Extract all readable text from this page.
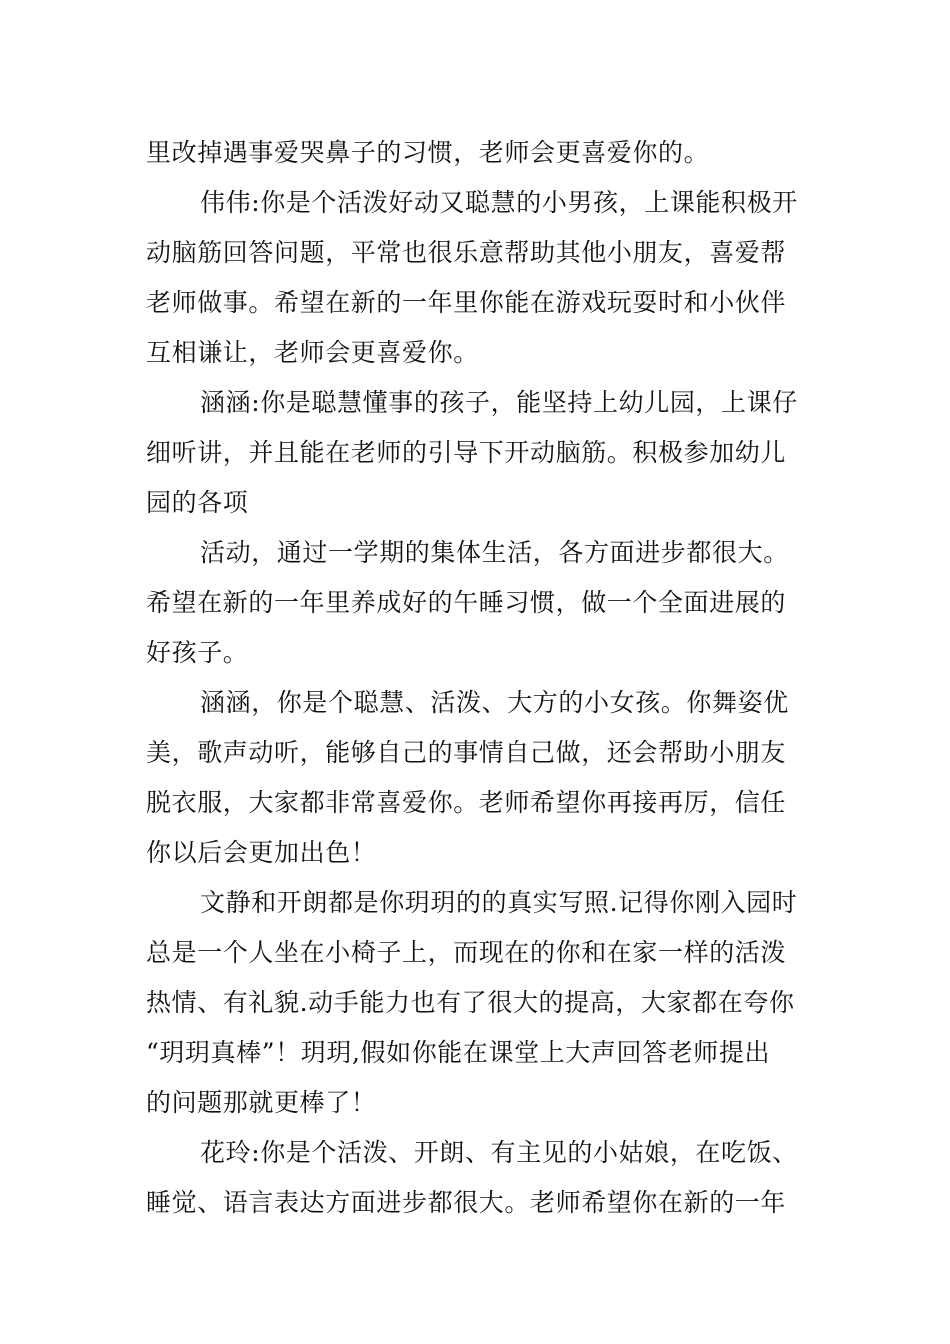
里改掉遇事爱哭鼻子的习惯，老师会更喜爱你的。
伟伟:你是个活泼好动又聪慧的小男孩，上课能积极开
动脑筋回答问题，平常也很乐意帮助其他小朋友，喜爱帮
老师做事。希望在新的一年里你能在游戏玩耍时和小伙伴
互相谦让，老师会更喜爱你。
涵涵:你是聪慧懂事的孩子，能坚持上幼儿园，上课仔
细听讲，并且能在老师的引导下开动脑筋。积极参加幼儿
园的各项
活动，通过一学期的集体生活，各方面进步都很大。
希望在新的一年里养成好的午睡习惯，做一个全面进展的
好孩子。
涵涵，你是个聪慧、活泼、大方的小女孩。你舞姿优
美，歌声动听，能够自己的事情自己做，还会帮助小朋友
脱衣服，大家都非常喜爱你。老师希望你再接再厉，信任
你以后会更加出色！
文静和开朗都是你玥玥的的真实写照.记得你刚入园时
总是一个人坐在小椅子上，而现在的你和在家一样的活泼
热情、有礼貌.动手能力也有了很大的提高，大家都在夸你
“玥玥真棒”！玥玥,假如你能在课堂上大声回答老师提出
的问题那就更棒了！
花玲:你是个活泼、开朗、有主见的小姑娘，在吃饭、
睡觉、语言表达方面进步都很大。老师希望你在新的一年
